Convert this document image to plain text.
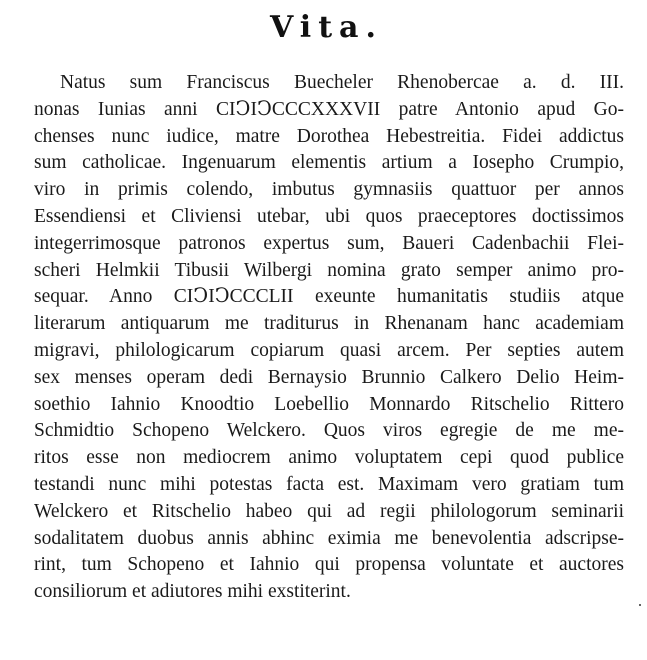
Vita.
Natus sum Franciscus Buecheler Rhenobercae a. d. III.
nonas Iunias anni CIↃIↃCCCXXXVII patre Antonio apud Go-
chenses nunc iudice, matre Dorothea Hebestreitia. Fidei addictus
sum catholicae. Ingenuarum elementis artium a Iosepho Crumpio,
viro in primis colendo, imbutus gymnasiis quattuor per annos
Essendiensi et Cliviensi utebar, ubi quos praeceptores doctissimos
integerrimosque patronos expertus sum, Baueri Cadenbachii Flei-
scheri Helmkii Tibusii Wilbergi nomina grato semper animo pro-
sequar. Anno CIↃIↃCCCLII exeunte humanitatis studiis atque
literarum antiquarum me traditurus in Rhenanam hanc academiam
migravi, philologicarum copiarum quasi arcem. Per septies autem
sex menses operam dedi Bernaysio Brunnio Calkero Delio Heim-
soethio Iahnio Knoodtio Loebellio Monnardo Ritschelio Rittero
Schmidtio Schopeno Welckero. Quos viros egregie de me me-
ritos esse non mediocrem animo voluptatem cepi quod publice
testandi nunc mihi potestas facta est. Maximam vero gratiam tum
Welckero et Ritschelio habeo qui ad regii philologorum seminarii
sodalitatem duobus annis abhinc eximia me benevolentia adscripse-
rint, tum Schopeno et Iahnio qui propensa voluntate et auctores
consiliorum et adiutores mihi exstiterint.
